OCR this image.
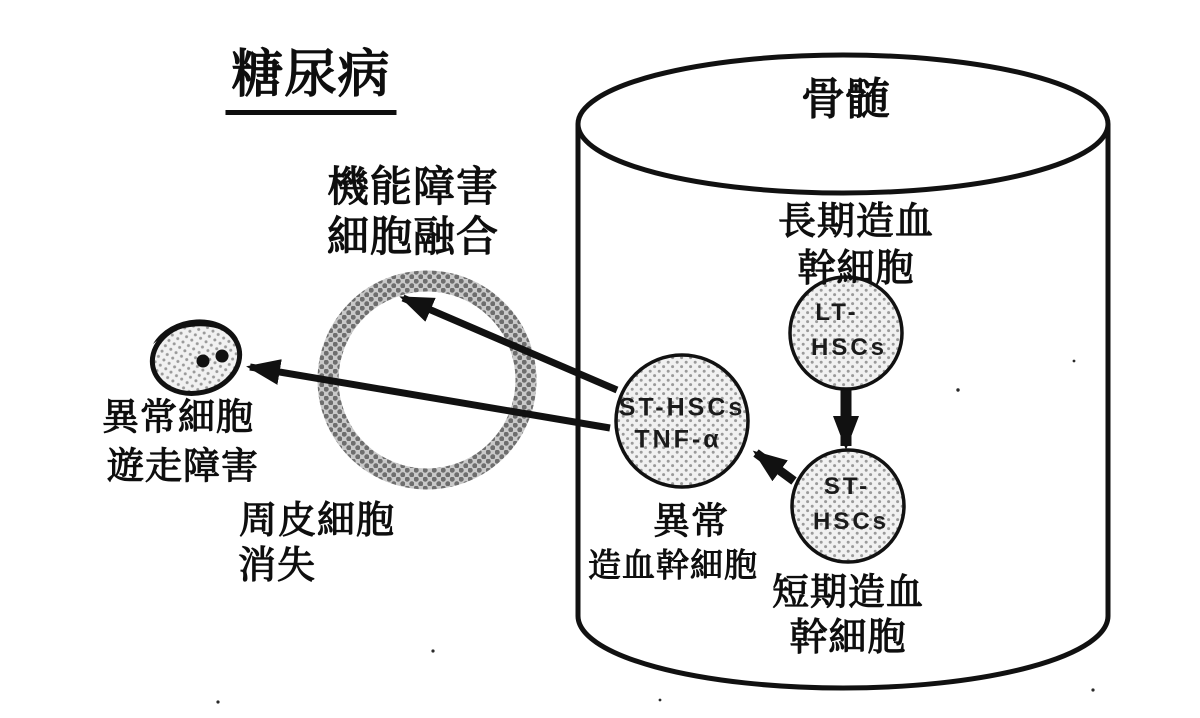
糖尿病	骨髄
長期造血
幹細胞
LT-
HSCs
ST-
HSCs
短期造血
幹細胞
ST-HSCs
TNF-α
異常
造血幹細胞
機能障害
細胞融合
周皮細胞
消失
異常細胞
遊走障害
